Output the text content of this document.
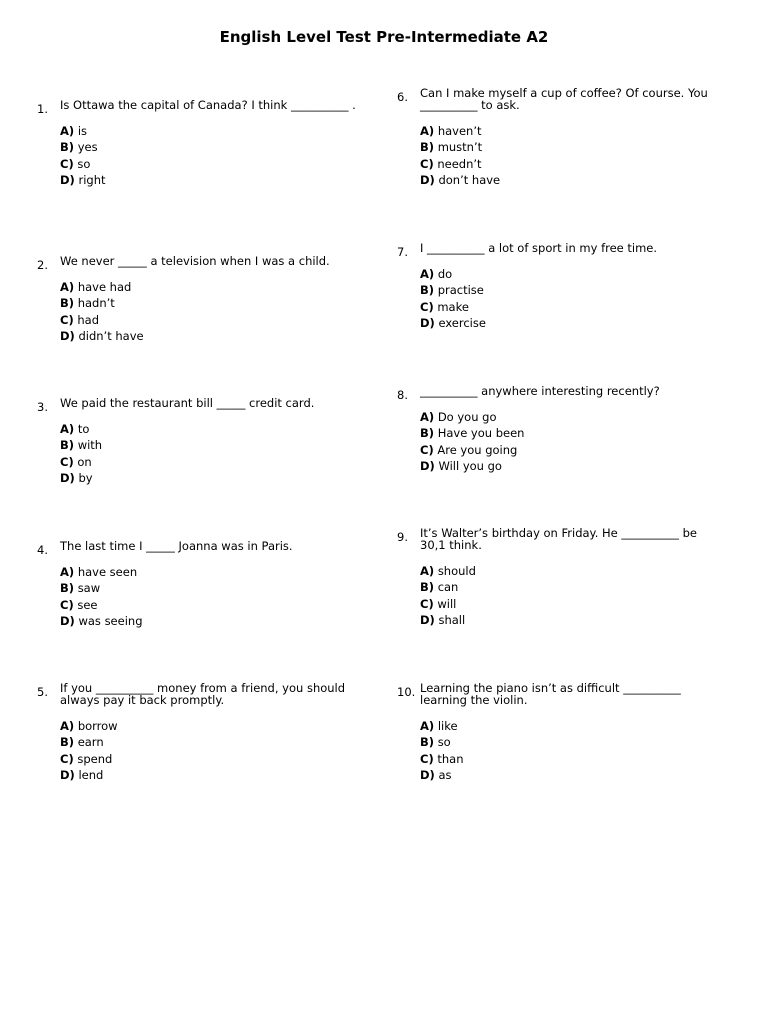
English Level Test Pre-Intermediate A2
1. Is Ottawa the capital of Canada? I think __________ .
A) is
B) yes
C) so
D) right
2. We never _____ a television when I was a child.
A) have had
B) hadn’t
C) had
D) didn’t have
3. We paid the restaurant bill _____ credit card.
A) to
B) with
C) on
D) by
4. The last time I _____ Joanna was in Paris.
A) have seen
B) saw
C) see
D) was seeing
5. If you __________ money from a friend, you should always pay it back promptly.
A) borrow
B) earn
C) spend
D) lend
6. Can I make myself a cup of coffee? Of course. You __________ to ask.
A) haven’t
B) mustn’t
C) needn’t
D) don’t have
7. I __________ a lot of sport in my free time.
A) do
B) practise
C) make
D) exercise
8. __________ anywhere interesting recently?
A) Do you go
B) Have you been
C) Are you going
D) Will you go
9. It’s Walter’s birthday on Friday. He __________ be 30,1 think.
A) should
B) can
C) will
D) shall
10. Learning the piano isn’t as difficult __________ learning the violin.
A) like
B) so
C) than
D) as
